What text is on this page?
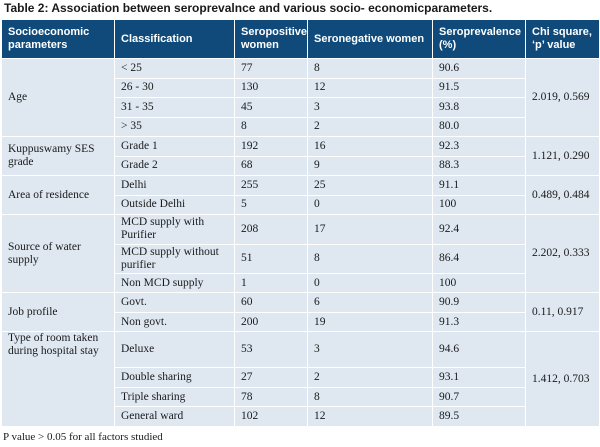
Table 2: Association between seroprevalnce and various socio- economicparameters.
Socioeconomic parameters	Classification	Seropositive women	Seronegative women	Seroprevalence (%)	Chi square, ‘p’ value
Age	< 25	77	8	90.6	2.019, 0.569
	26 - 30	130	12	91.5	
	31 - 35	45	3	93.8	
	> 35	8	2	80.0	
Kuppuswamy SES grade	Grade 1	192	16	92.3	1.121, 0.290
	Grade 2	68	9	88.3	
Area of residence	Delhi	255	25	91.1	0.489, 0.484
	Outside Delhi	5	0	100	
Source of water supply	MCD supply with Purifier	208	17	92.4	2.202, 0.333
	MCD supply without purifier	51	8	86.4	
	Non MCD supply	1	0	100	
Job profile	Govt.	60	6	90.9	0.11, 0.917
	Non govt.	200	19	91.3	
Type of room taken during hospital stay	Deluxe	53	3	94.6	1.412, 0.703
	Double sharing	27	2	93.1	
	Triple sharing	78	8	90.7	
	General ward	102	12	89.5	
P value > 0.05 for all factors studied
